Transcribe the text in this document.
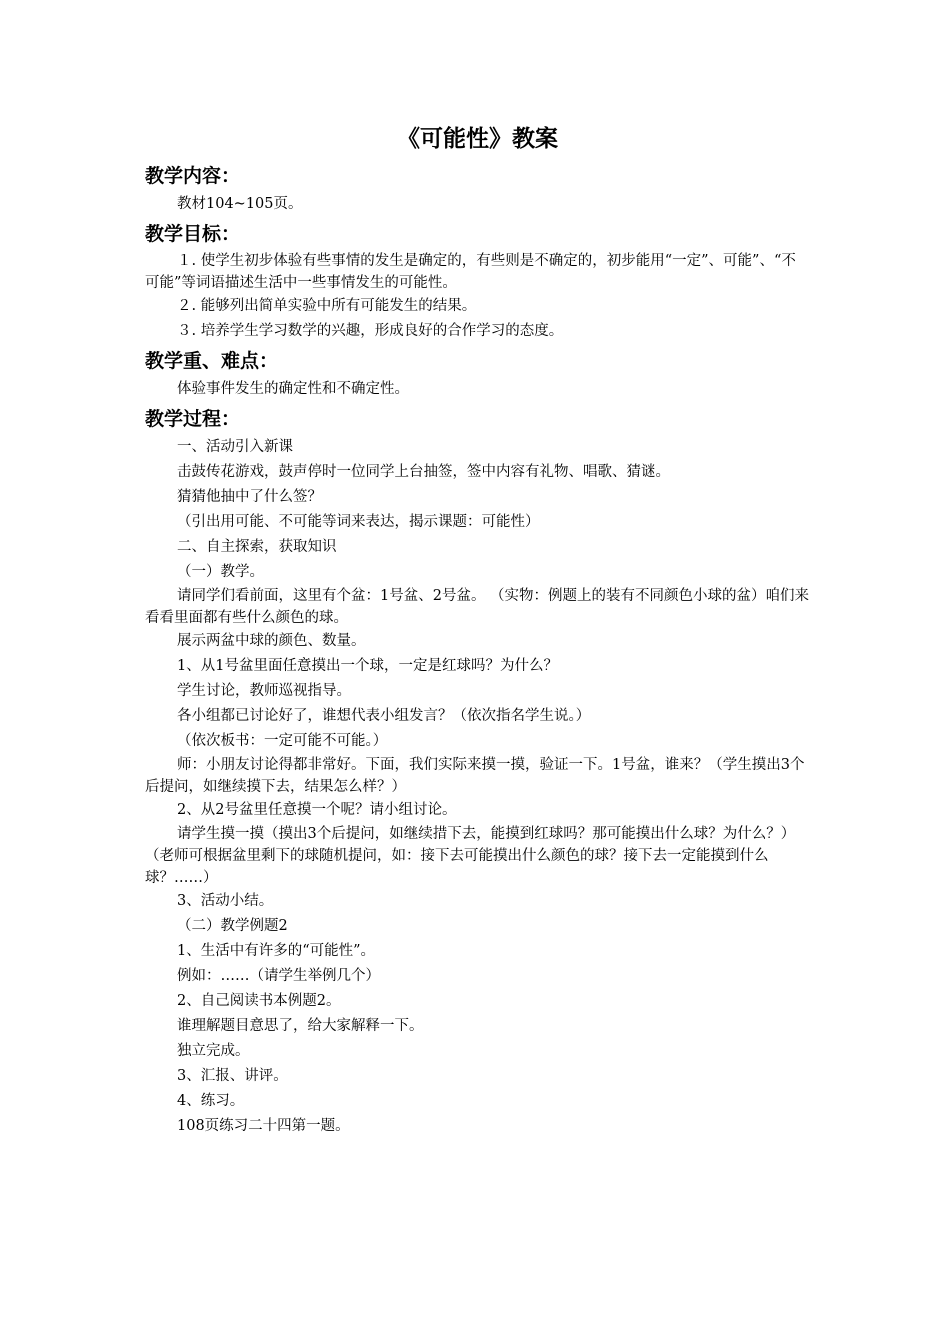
《可能性》教案
教学内容：

教材104~105页。

教学目标：

１. 使学生初步体验有些事情的发生是确定的，有些则是不确定的，初步能用“一定”、可能”、“不可能”等词语描述生活中一些事情发生的可能性。

２. 能够列出简单实验中所有可能发生的结果。

３. 培养学生学习数学的兴趣，形成良好的合作学习的态度。

教学重、难点：

体验事件发生的确定性和不确定性。

教学过程：

一、活动引入新课

击鼓传花游戏，鼓声停时一位同学上台抽签，签中内容有礼物、唱歌、猜谜。

猜猜他抽中了什么签？

（引出用可能、不可能等词来表达，揭示课题：可能性）

二、自主探索，获取知识

（一）教学。

请同学们看前面，这里有个盆：1号盆、2号盆。 （实物：例题上的装有不同颜色小球的盆）咱们来看看里面都有些什么颜色的球。

展示两盆中球的颜色、数量。

1、从1号盆里面任意摸出一个球，一定是红球吗？为什么？

学生讨论，教师巡视指导。

各小组都已讨论好了，谁想代表小组发言？（依次指名学生说。）

（依次板书：一定可能不可能。）

师：小朋友讨论得都非常好。下面，我们实际来摸一摸，验证一下。1号盆，谁来？（学生摸出3个后提问，如继续摸下去，结果怎么样？）

2、从2号盆里任意摸一个呢？请小组讨论。

请学生摸一摸（摸出3个后提问，如继续措下去，能摸到红球吗？那可能摸出什么球？为什么？）（老师可根据盆里剩下的球随机提问，如：接下去可能摸出什么颜色的球？接下去一定能摸到什么球？……）

3、活动小结。

（二）教学例题2

1、生活中有许多的“可能性”。

例如：……（请学生举例几个）

2、自己阅读书本例题2。

谁理解题目意思了，给大家解释一下。

独立完成。

3、汇报、讲评。

4、练习。

108页练习二十四第一题。
